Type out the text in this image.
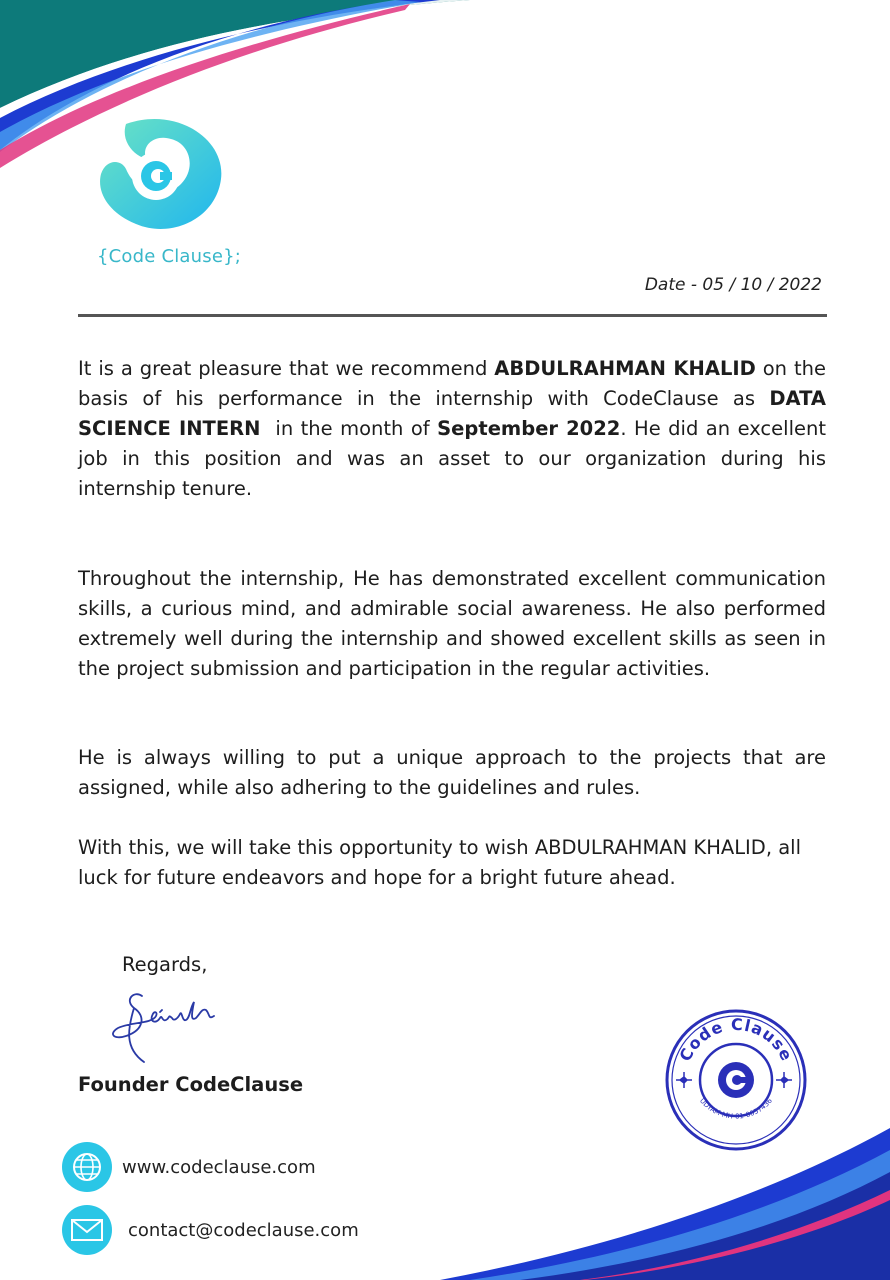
{Code Clause};
Date - 05 / 10 / 2022

It is a great pleasure that we recommend ABDULRAHMAN KHALID on the basis of his performance in the internship with CodeClause as DATA SCIENCE INTERN  in the month of September 2022. He did an excellent job in this position and was an asset to our organization during his internship tenure.

Throughout the internship, He has demonstrated excellent communication skills, a curious mind, and admirable social awareness. He also performed extremely well during the internship and showed excellent skills as seen in the project submission and participation in the regular activities.

He is always willing to put a unique approach to the projects that are assigned, while also adhering to the guidelines and rules.

With this, we will take this opportunity to wish ABDULRAHMAN KHALID, all luck for future endeavors and hope for a bright future ahead.

Regards,
Founder CodeClause
Code Clause
UDYAM-MH-01-0057436
www.codeclause.com
contact@codeclause.com
